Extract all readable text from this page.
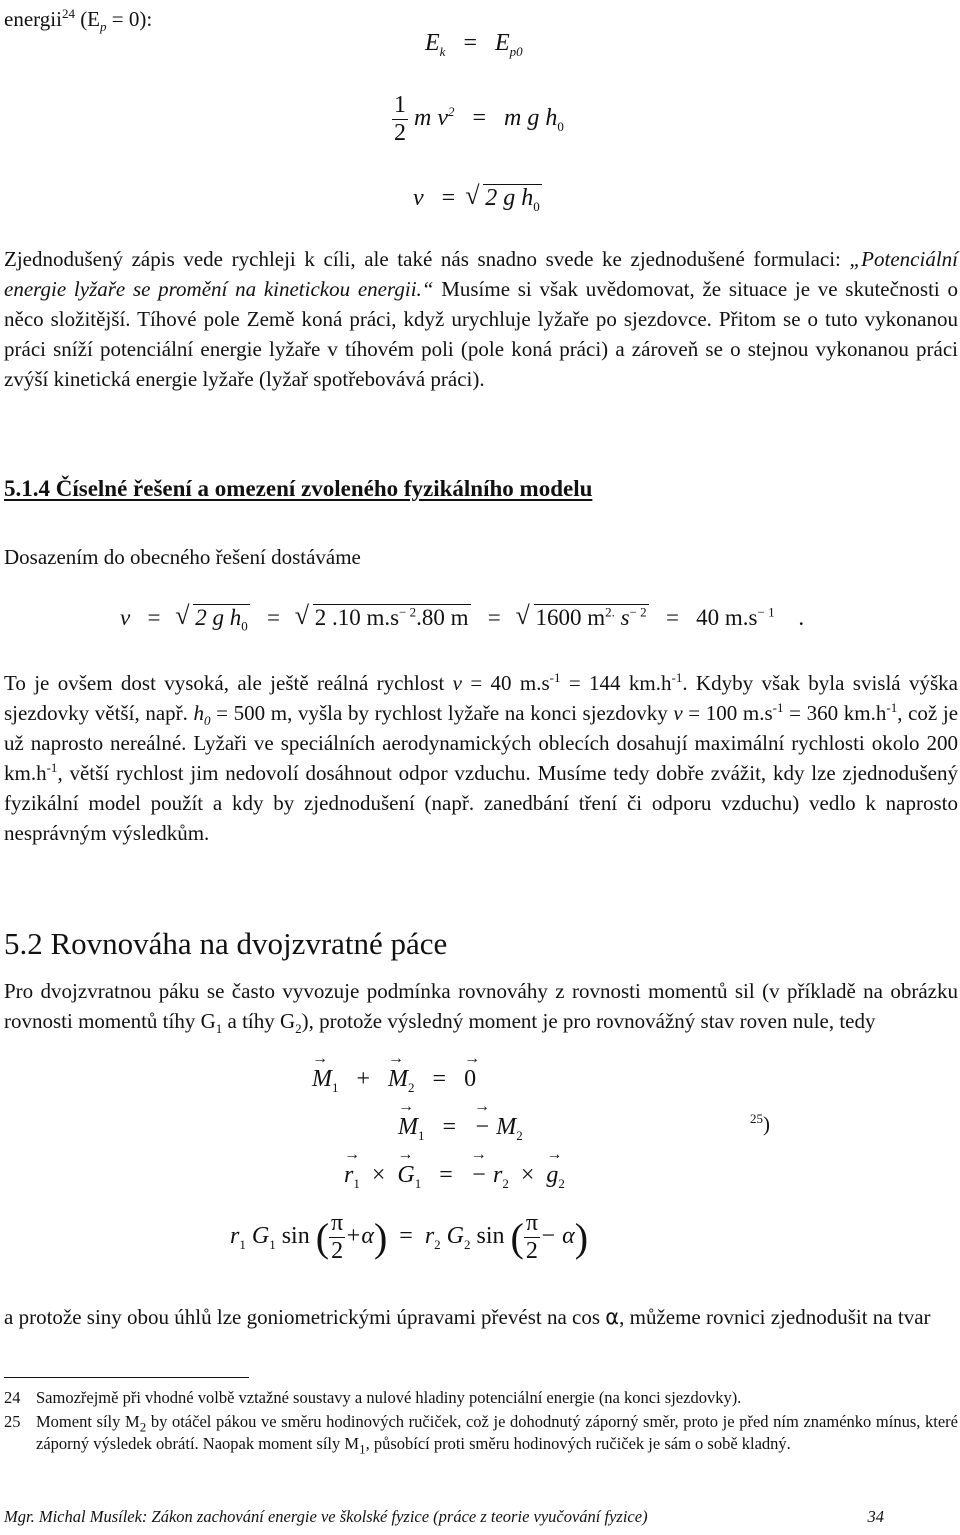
energii$^{24}$ $(E_p = 0)$:
$E_k = E_{p0}$
$\frac{1}{2}$ m $v^2 = m$ g $h_0$
v   =    √ 2 g $h_0$
Zjednodušený zápis vede rychleji k cíli, ale také nás snadno svede ke zjednodušené formulaci: „Potenciální energie lyžaře se promění na kinetickou energii.“ Musíme si však uvědomovat, že situace je ve skutečnosti o něco složitější. Tíhové pole Země koná práci, když urychluje lyžaře po sjezdovce. Přitom se o tuto vykonanou práci sníží potenciální energie lyžaře v tíhovém poli (pole koná práci) a zároveň se o stejnou vykonanou práci zvýší kinetická energie lyžaře (lyžař spotřebovává práci).
5.1.4 Číselné řešení a omezení zvoleného fyzikálního modelu
Dosazením do obecného řešení dostáváme
v   =     √ 2 g $h_0$   =     √ 2 .10 $m.s^{- 2}.80$ m   =     √ 1600 $m^{2.}$ $s^{- 2} = 40$ $m.s^{- 1}$ .
To je ovšem dost vysoká, ale ještě reálná rychlost v = 40 $m.s^{-1} = 144$ $km.h^{-1}$. Kdyby však byla svislá výška sjezdovky větší, např. $h_0 = 500$ m, vyšla by rychlost lyžaře na konci sjezdovky v = 100 $m.s^{-1} = 360$ $km.h^{-1}$, což je už naprosto nereálné. Lyžaři ve speciálních aerodynamických oblecích dosahují maximální rychlosti okolo 200 $km.h^{-1}$, větší rychlost jim nedovolí dosáhnout odpor vzduchu. Musíme tedy dobře zvážit, kdy lze zjednodušený fyzikální model použít a kdy by zjednodušení (např. zanedbání tření či odporu vzduchu) vedlo k naprosto nesprávným výsledkům.
5.2 Rovnováha na dvojzvratné páce
Pro dvojzvratnou páku se často vyvozuje podmínka rovnováhy z rovnosti momentů sil (v příkladě na obrázku rovnosti momentů tíhy $G_1$ a tíhy $G_2$), protože výsledný moment je pro rovnovážný stav roven nule, tedy
→ $M_1$ + → $M_2$ = → 0
→ $M_1$ = → − $M_2$
$^{25}$)
→ $r_1$  ×  → $G_1$ = → − $r_2$  ×  → $g_2$
$r_1$ $G_1$ sin ( $\frac{\pi}{2} +\alpha) = r_2$ $G_2$ sin ( $\frac{\pi}{2} - \alpha$)
a protože siny obou úhlů lze goniometrickými úpravami převést na cos α, můžeme rovnici zjednodušit na tvar
24 Samozřejmě při vhodné volbě vztažné soustavy a nulové hladiny potenciální energie (na konci sjezdovky).
25 Moment síly $M_2$ by otáčel pákou ve směru hodinových ručiček, což je dohodnutý záporný směr, proto je před ním znaménko mínus, které záporný výsledek obrátí. Naopak moment síly $M_1$, působící proti směru hodinových ručiček je sám o sobě kladný.
Mgr. Michal Musílek: Zákon zachování energie ve školské fyzice (práce z teorie vyučování fyzice)	34
